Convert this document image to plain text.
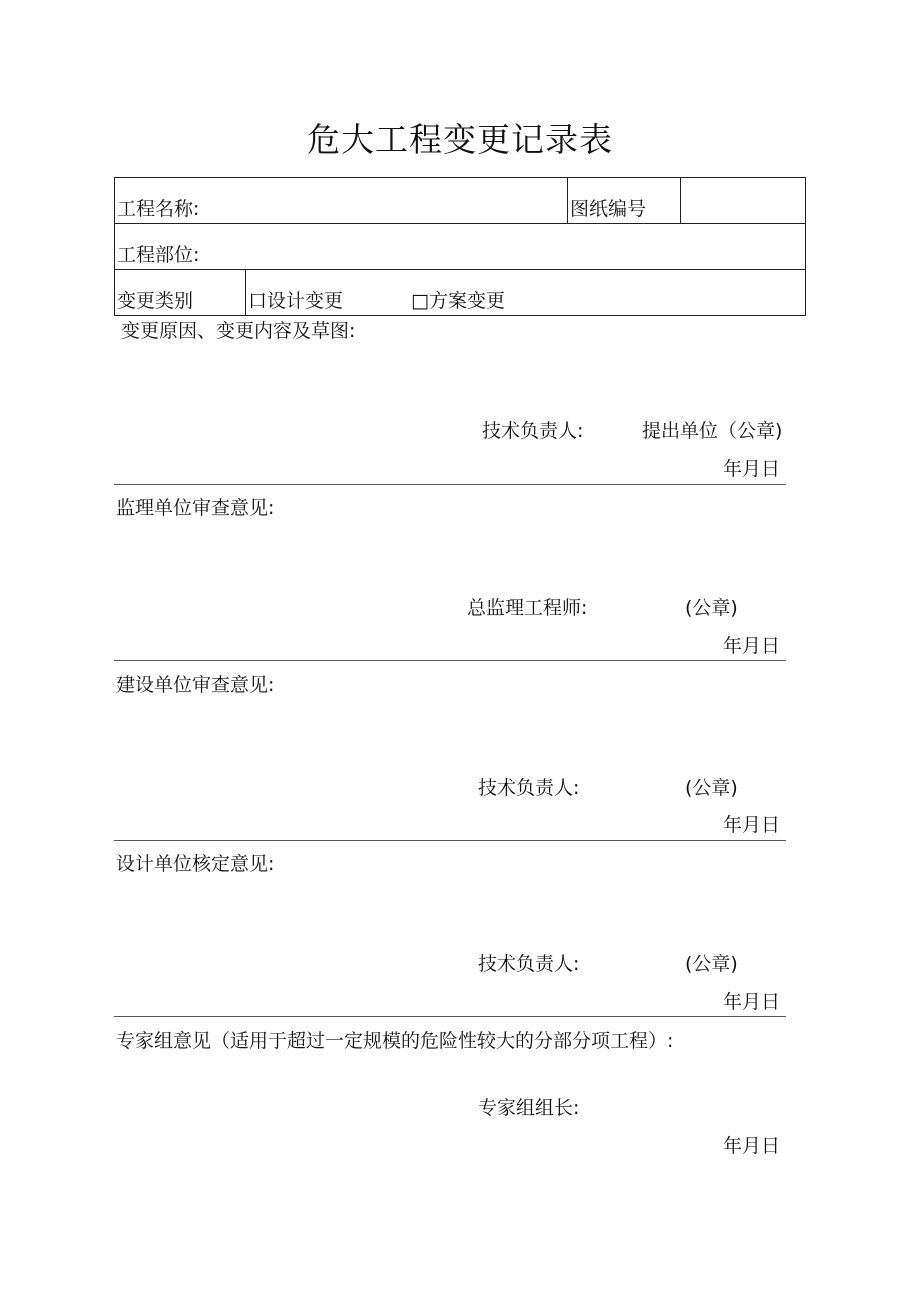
危大工程变更记录表
工程名称:		图纸编号	
工程部位:			
变更类别	口设计变更 □方案变更		
变更原因、变更内容及草图:
技术负责人:	提出单位（公章)
年月日
监理单位审查意见:
总监理工程师:	(公章)
年月日
建设单位审查意见:
技术负责人:	(公章)
年月日
设计单位核定意见:
技术负责人:	(公章)
年月日
专家组意见（适用于超过一定规模的危险性较大的分部分项工程）:
专家组组长:
年月日
